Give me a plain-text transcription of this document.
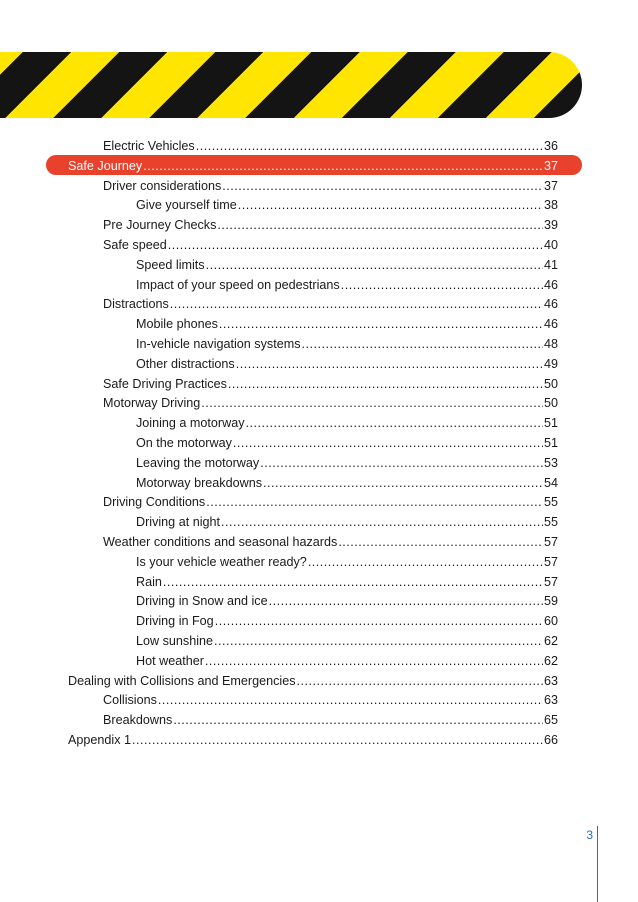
Electric Vehicles .....	36
Safe Journey .....	37
Driver considerations .....	37
Give yourself time .....	38
Pre Journey Checks .....	39
Safe speed .....	40
Speed limits .....	41
Impact of your speed on pedestrians .....	46
Distractions .....	46
Mobile phones .....	46
In-vehicle navigation systems .....	48
Other distractions .....	49
Safe Driving Practices .....	50
Motorway Driving .....	50
Joining a motorway .....	51
On the motorway .....	51
Leaving the motorway .....	53
Motorway breakdowns .....	54
Driving Conditions .....	55
Driving at night .....	55
Weather conditions and seasonal hazards .....	57
Is your vehicle weather ready? .....	57
Rain .....	57
Driving in Snow and ice .....	59
Driving in Fog .....	60
Low sunshine .....	62
Hot weather .....	62
Dealing with Collisions and Emergencies .....	63
Collisions .....	63
Breakdowns .....	65
Appendix 1 .....	66
3
